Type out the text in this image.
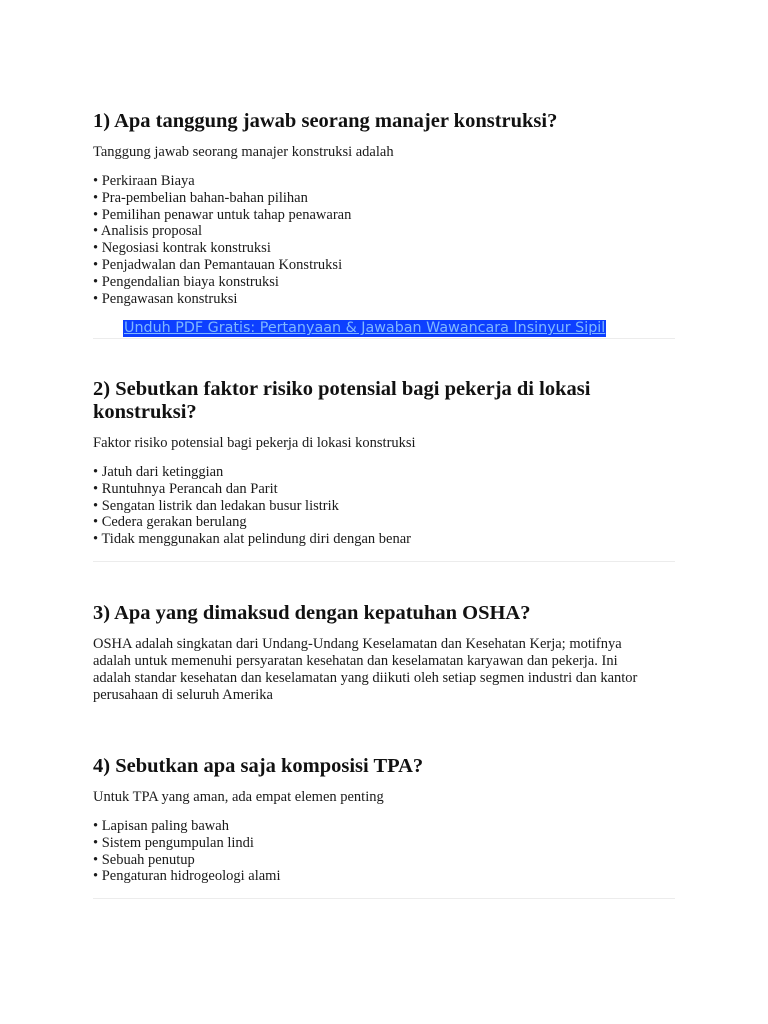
1) Apa tanggung jawab seorang manajer konstruksi?

Tanggung jawab seorang manajer konstruksi adalah

• Perkiraan Biaya
• Pra-pembelian bahan-bahan pilihan
• Pemilihan penawar untuk tahap penawaran
• Analisis proposal
• Negosiasi kontrak konstruksi
• Penjadwalan dan Pemantauan Konstruksi
• Pengendalian biaya konstruksi
• Pengawasan konstruksi
Unduh PDF Gratis: Pertanyaan & Jawaban Wawancara Insinyur Sipil
2) Sebutkan faktor risiko potensial bagi pekerja di lokasi
konstruksi?

Faktor risiko potensial bagi pekerja di lokasi konstruksi

• Jatuh dari ketinggian
• Runtuhnya Perancah dan Parit
• Sengatan listrik dan ledakan busur listrik
• Cedera gerakan berulang
• Tidak menggunakan alat pelindung diri dengan benar
3) Apa yang dimaksud dengan kepatuhan OSHA?

OSHA adalah singkatan dari Undang-Undang Keselamatan dan Kesehatan Kerja; motifnya

adalah untuk memenuhi persyaratan kesehatan dan keselamatan karyawan dan pekerja. Ini

adalah standar kesehatan dan keselamatan yang diikuti oleh setiap segmen industri dan kantor

perusahaan di seluruh Amerika

4) Sebutkan apa saja komposisi TPA?

Untuk TPA yang aman, ada empat elemen penting

• Lapisan paling bawah
• Sistem pengumpulan lindi
• Sebuah penutup
• Pengaturan hidrogeologi alami
